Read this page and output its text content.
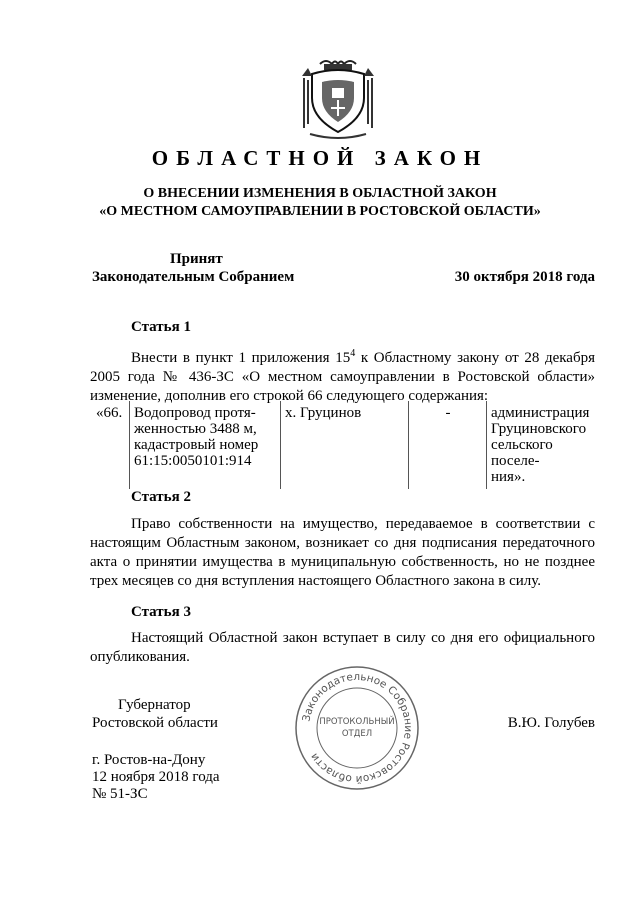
ОБЛАСТНОЙ ЗАКОН
О ВНЕСЕНИИ ИЗМЕНЕНИЯ В ОБЛАСТНОЙ ЗАКОН
«О МЕСТНОМ САМОУПРАВЛЕНИИ В РОСТОВСКОЙ ОБЛАСТИ»
Принят
Законодательным Собранием	30 октября 2018 года
Статья 1
Внести в пункт 1 приложения $15^4$ к Областному закону от 28 декабря 2005 года № 436-ЗС «О местном самоуправлении в Ростовской области» изменение, дополнив его строкой 66 следующего содержания:
«66.	Водопровод протя-
женностью 3488 м,
кадастровый номер
61:15:0050101:914
	х. Груцинов	-	администрация
Груциновского
сельского поселе-
ния».
Статья 2
Право собственности на имущество, передаваемое в соответствии с настоящим Областным законом, возникает со дня подписания передаточного акта о принятии имущества в муниципальную собственность, но не позднее трех месяцев со дня вступления настоящего Областного закона в силу.
Статья 3
Настоящий Областной закон вступает в силу со дня его официального опубликования.
Губернатор
Ростовской области	В.Ю. Голубев
Законодательное Собрание Ростовской области
ПРОТОКОЛЬНЫЙ
ОТДЕЛ
г. Ростов-на-Дону
12 ноября 2018 года
№ 51-ЗС
